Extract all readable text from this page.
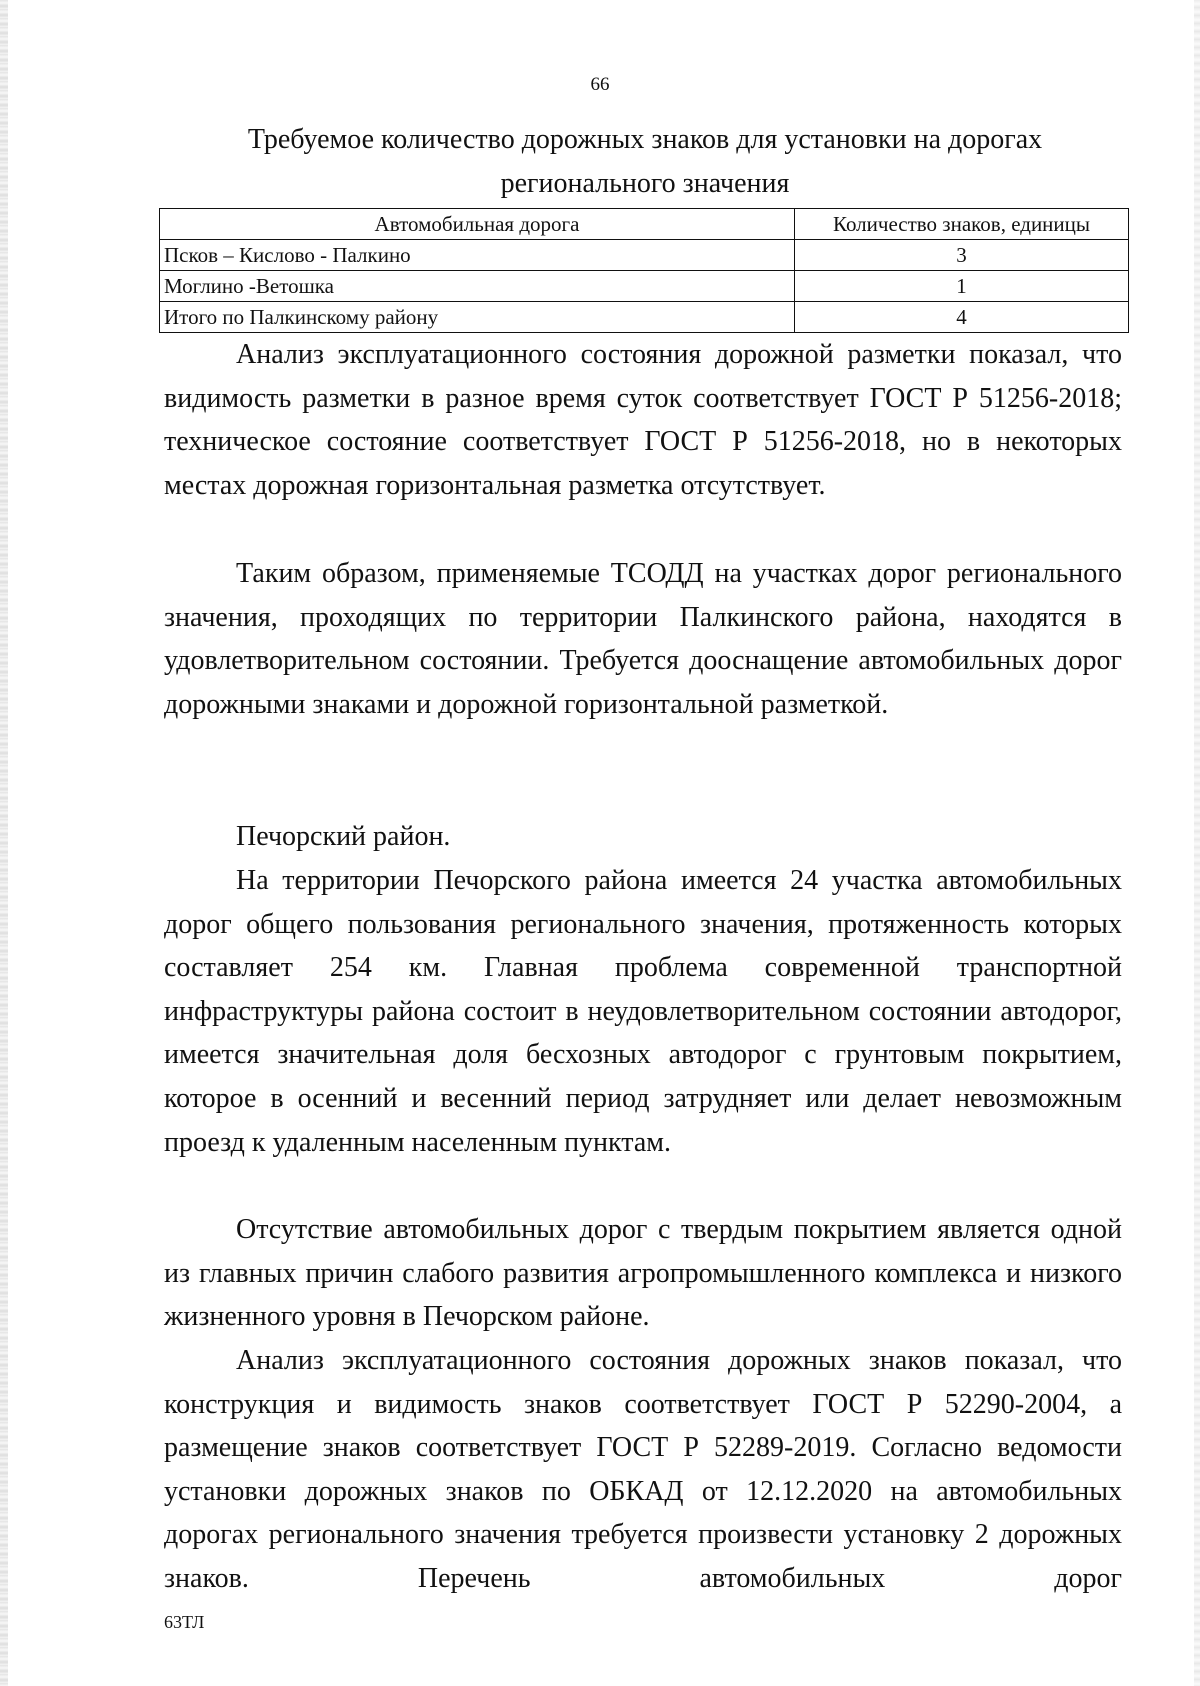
66
Требуемое количество дорожных знаков для установки на дорогах регионального значения
Автомобильная дорога	Количество знаков, единицы
Псков – Кислово - Палкино	3
Моглино -Ветошка	1
Итого по Палкинскому району	4

Анализ эксплуатационного состояния дорожной разметки показал, что видимость разметки в разное время суток соответствует ГОСТ Р 51256-2018; техническое состояние соответствует ГОСТ Р 51256-2018, но в некоторых местах дорожная горизонтальная разметка отсутствует.

Таким образом, применяемые ТСОДД на участках дорог регионального значения, проходящих по территории Палкинского района, находятся в удовлетворительном состоянии. Требуется дооснащение автомобильных дорог дорожными знаками и дорожной горизонтальной разметкой.

Печорский район.

На территории Печорского района имеется 24 участка автомобильных дорог общего пользования регионального значения, протяженность которых составляет 254 км. Главная проблема современной транспортной инфраструктуры района состоит в неудовлетворительном состоянии автодорог, имеется значительная доля бесхозных автодорог с грунтовым покрытием, которое в осенний и весенний период затрудняет или делает невозможным проезд к удаленным населенным пунктам.

Отсутствие автомобильных дорог с твердым покрытием является одной из главных причин слабого развития агропромышленного комплекса и низкого жизненного уровня в Печорском районе.

Анализ эксплуатационного состояния дорожных знаков показал, что конструкция и видимость знаков соответствует ГОСТ Р 52290-2004, а размещение знаков соответствует ГОСТ Р 52289-2019. Согласно ведомости установки дорожных знаков по ОБКАД от 12.12.2020 на автомобильных дорогах регионального значения требуется произвести установку 2 дорожных знаков. Перечень автомобильных дорог

63ТЛ
